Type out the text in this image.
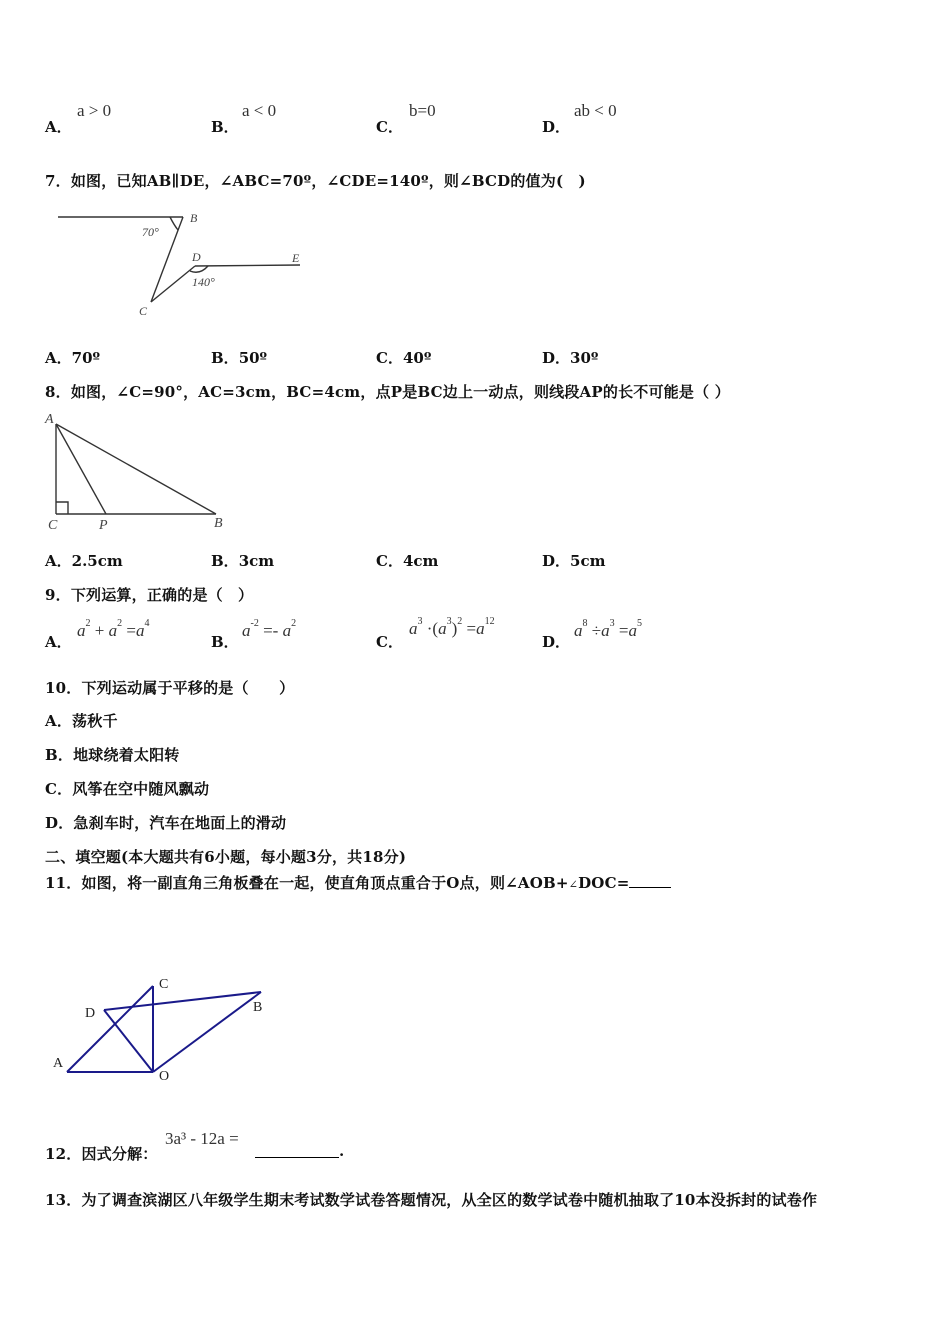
A．
a > 0
B．
a < 0
C．
b=0
D．
ab < 0
7．如图，已知AB∥DE，∠ABC=70º，∠CDE=140º，则∠BCD的值为(　)
70°
B
D	E
140°
C
A．70º	B．50º	C．40º	D．30º
8．如图，∠C=90°，AC=3cm，BC=4cm，点P是BC边上一动点，则线段AP的长不可能是（ ）
A
C	P	B
A．2.5cm	B．3cm	C．4cm	D．5cm
9．下列运算，正确的是（　）
A．
$a^2 + a^2 =a^4$
B．
$a^{-2} =- a^2$
C．
$a^3 \cdot(a^3)^2 =a^{12}$
D．
$a^8 \div a^3 =a^5$
10．下列运动属于平移的是（　　）
A．荡秋千
B．地球绕着太阳转
C．风筝在空中随风飘动
D．急刹车时，汽车在地面上的滑动
二、填空题(本大题共有6小题，每小题3分，共18分)
11．如图，将一副直角三角板叠在一起，使直角顶点重合于O点，则∠AOB+∠DOC=
C
D	B
A
O
12．因式分解：
3a³ - 12a =
.
13．为了调查滨湖区八年级学生期末考试数学试卷答题情况，从全区的数学试卷中随机抽取了10本没拆封的试卷作
